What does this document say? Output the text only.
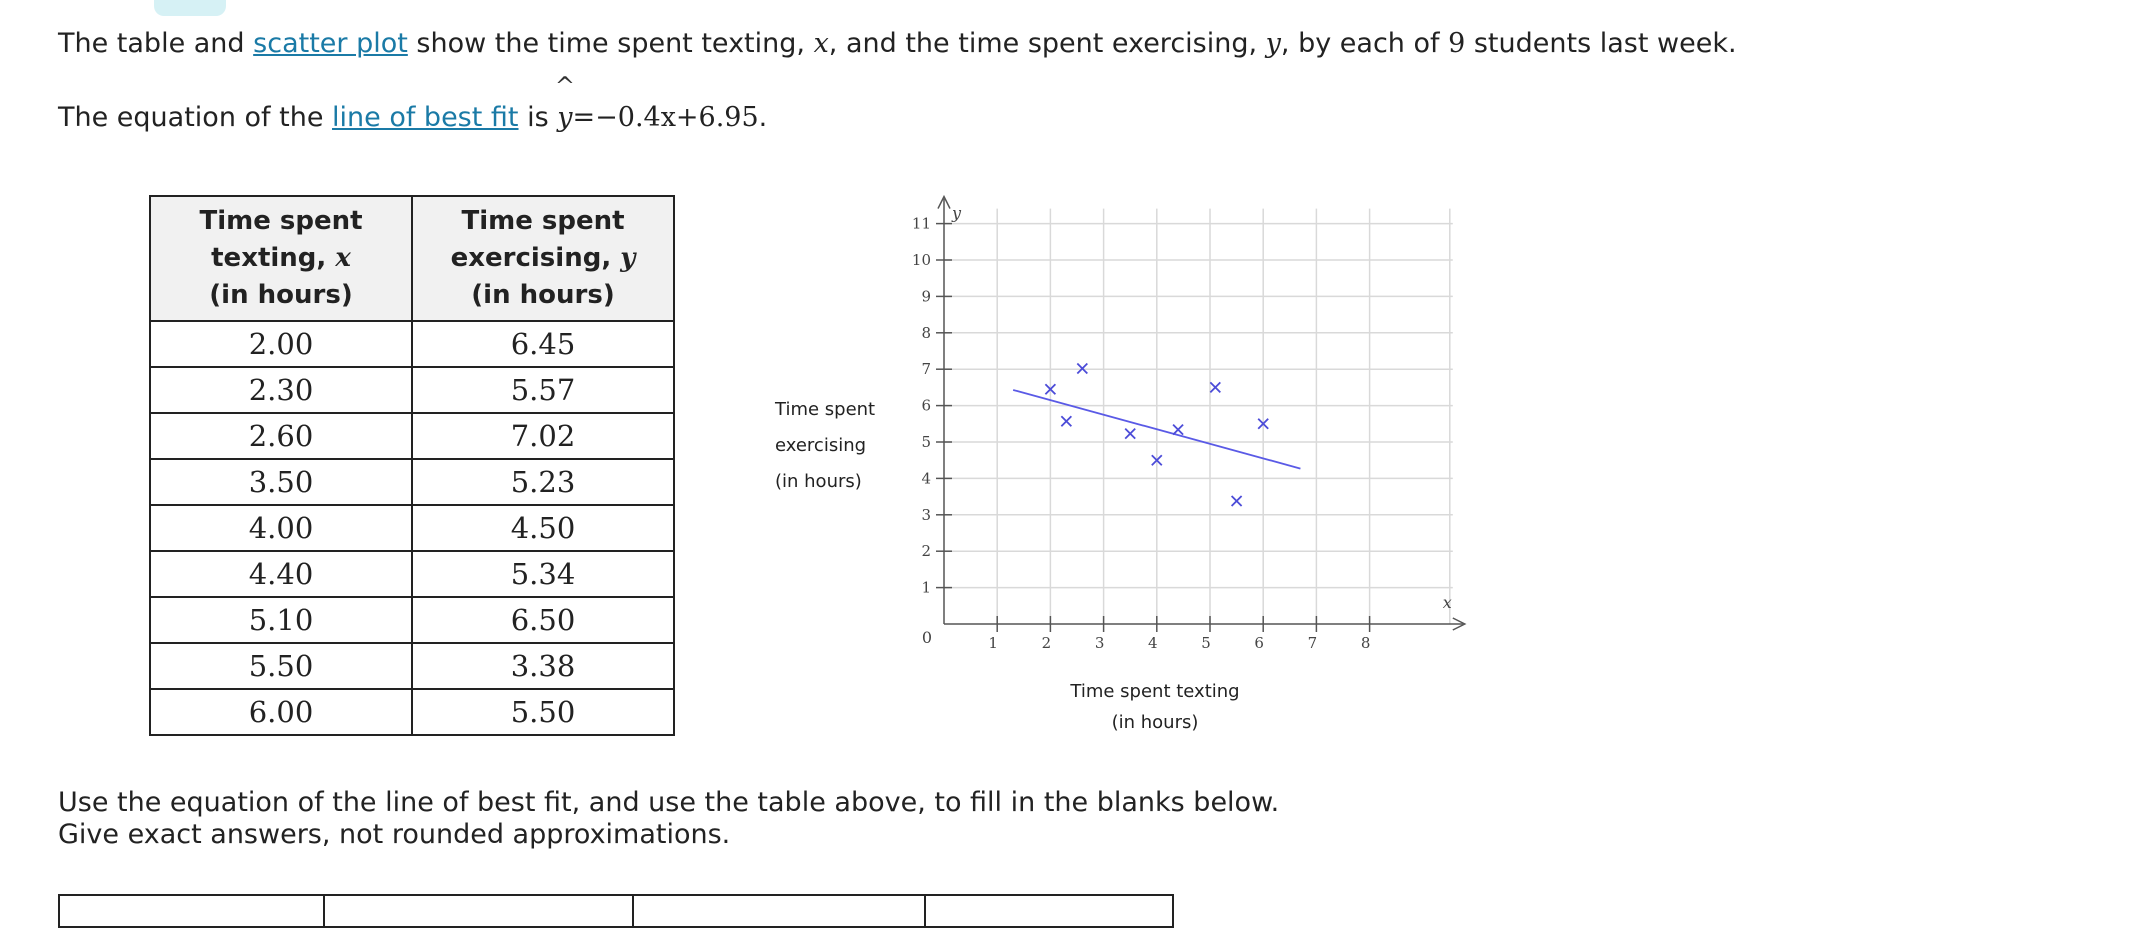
The table and scatter plot show the time spent texting, x, and the time spent exercising, y, by each of 9 students last week.
The equation of the line of best fit is
^
y=−0.4x+6.95.
Time spent
texting, x
(in hours)	Time spent
exercising, y
(in hours)
2.00	6.45
2.30	5.57
2.60	7.02
3.50	5.23
4.00	4.50
4.40	5.34
5.10	6.50
5.50	3.38
6.00	5.50
1	2	3	4	5	6	7	8
1
2
3
4
5
6
7
8
9
10
11
0
x
y
Time spent
exercising
(in hours)
Time spent texting
(in hours)
Use the equation of the line of best fit, and use the table above, to fill in the blanks below.
Give exact answers, not rounded approximations.
